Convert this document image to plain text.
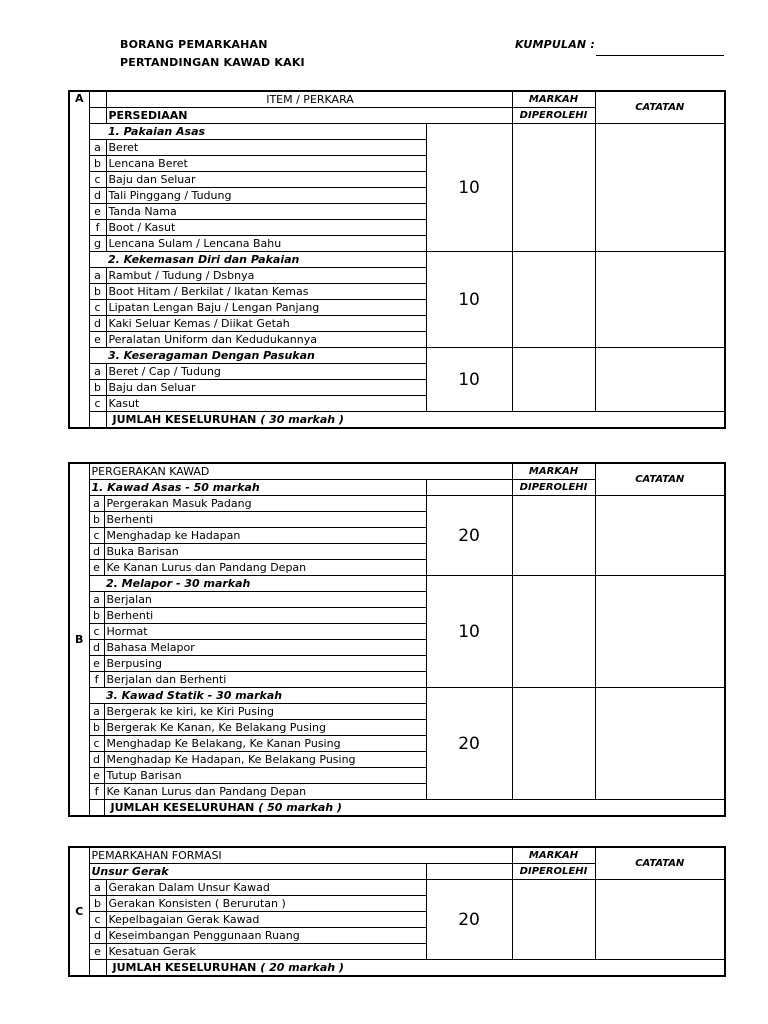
BORANG PEMARKAHAN
PERTANDINGAN KAWAD KAKI
KUMPULAN :
A		ITEM / PERKARA		MARKAH	CATATAN
		PERSEDIAAN		DIPEROLEHI	
		1. Pakaian Asas	10		
	a	Beret			
	b	Lencana Beret			
	c	Baju dan Seluar			
	d	Tali Pinggang / Tudung			
	e	Tanda Nama			
	f	Boot / Kasut			
	g	Lencana Sulam / Lencana Bahu			
		2. Kekemasan Diri dan Pakaian	10		
	a	Rambut / Tudung / Dsbnya			
	b	Boot Hitam / Berkilat / Ikatan Kemas			
	c	Lipatan Lengan Baju / Lengan Panjang			
	d	Kaki Seluar Kemas / Diikat Getah			
	e	Peralatan Uniform dan Kedudukannya			
		3. Keseragaman Dengan Pasukan	10		
	a	Beret / Cap / Tudung			
	b	Baju dan Seluar			
	c	Kasut			
		JUMLAH KESELURUHAN ( 30 markah )			
B	PERGERAKAN KAWAD			MARKAH	CATATAN
	1. Kawad Asas - 50 markah			DIPEROLEHI	
	a	Pergerakan Masuk Padang	20		
	b	Berhenti			
	c	Menghadap ke Hadapan			
	d	Buka Barisan			
	e	Ke Kanan Lurus dan Pandang Depan			
		2. Melapor - 30 markah	10		
	a	Berjalan			
	b	Berhenti			
	c	Hormat			
	d	Bahasa Melapor			
	e	Berpusing			
	f	Berjalan dan Berhenti			
		3. Kawad Statik - 30 markah	20		
	a	Bergerak ke kiri, ke Kiri Pusing			
	b	Bergerak Ke Kanan, Ke Belakang Pusing			
	c	Menghadap Ke Belakang, Ke Kanan Pusing			
	d	Menghadap Ke Hadapan, Ke Belakang Pusing			
	e	Tutup Barisan			
	f	Ke Kanan Lurus dan Pandang Depan			
		JUMLAH KESELURUHAN ( 50 markah )			
C	PEMARKAHAN FORMASI			MARKAH	CATATAN
	Unsur Gerak			DIPEROLEHI	
	a	Gerakan Dalam Unsur Kawad	20		
	b	Gerakan Konsisten ( Berurutan )			
	c	Kepelbagaian Gerak Kawad			
	d	Keseimbangan Penggunaan Ruang			
	e	Kesatuan Gerak			
		JUMLAH KESELURUHAN ( 20 markah )			
